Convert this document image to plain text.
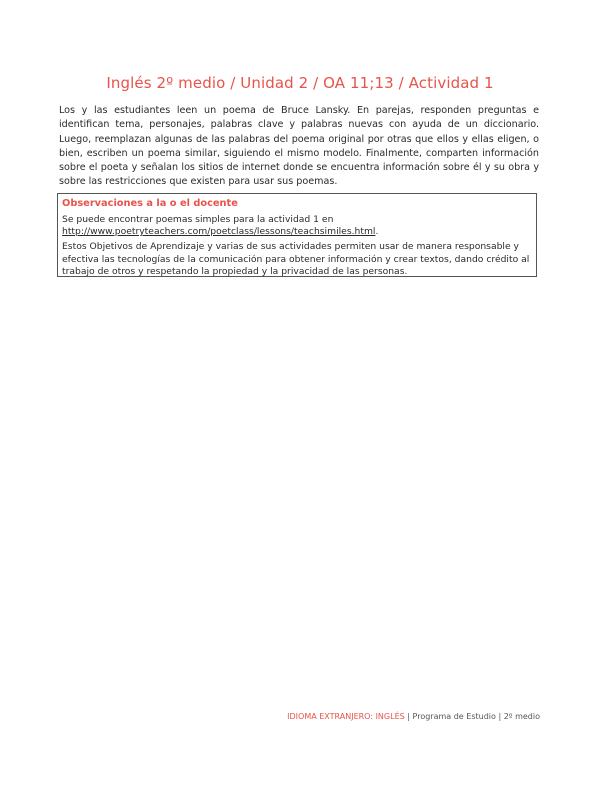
Inglés 2º medio / Unidad 2 / OA 11;13 / Actividad 1
Los y las estudiantes leen un poema de Bruce Lansky. En parejas, responden preguntas e identifican tema, personajes, palabras clave y palabras nuevas con ayuda de un diccionario. Luego, reemplazan algunas de las palabras del poema original por otras que ellos y ellas eligen, o bien, escriben un poema similar, siguiendo el mismo modelo. Finalmente, comparten información sobre el poeta y señalan los sitios de internet donde se encuentra información sobre él y su obra y sobre las restricciones que existen para usar sus poemas.
Observaciones a la o el docente

Se puede encontrar poemas simples para la actividad 1 en
http://www.poetryteachers.com/poetclass/lessons/teachsimiles.html.

Estos Objetivos de Aprendizaje y varias de sus actividades permiten usar de manera responsable y efectiva las tecnologías de la comunicación para obtener información y crear textos, dando crédito al trabajo de otros y respetando la propiedad y la privacidad de las personas.

IDIOMA EXTRANJERO: INGLÉS | Programa de Estudio | 2º medio
